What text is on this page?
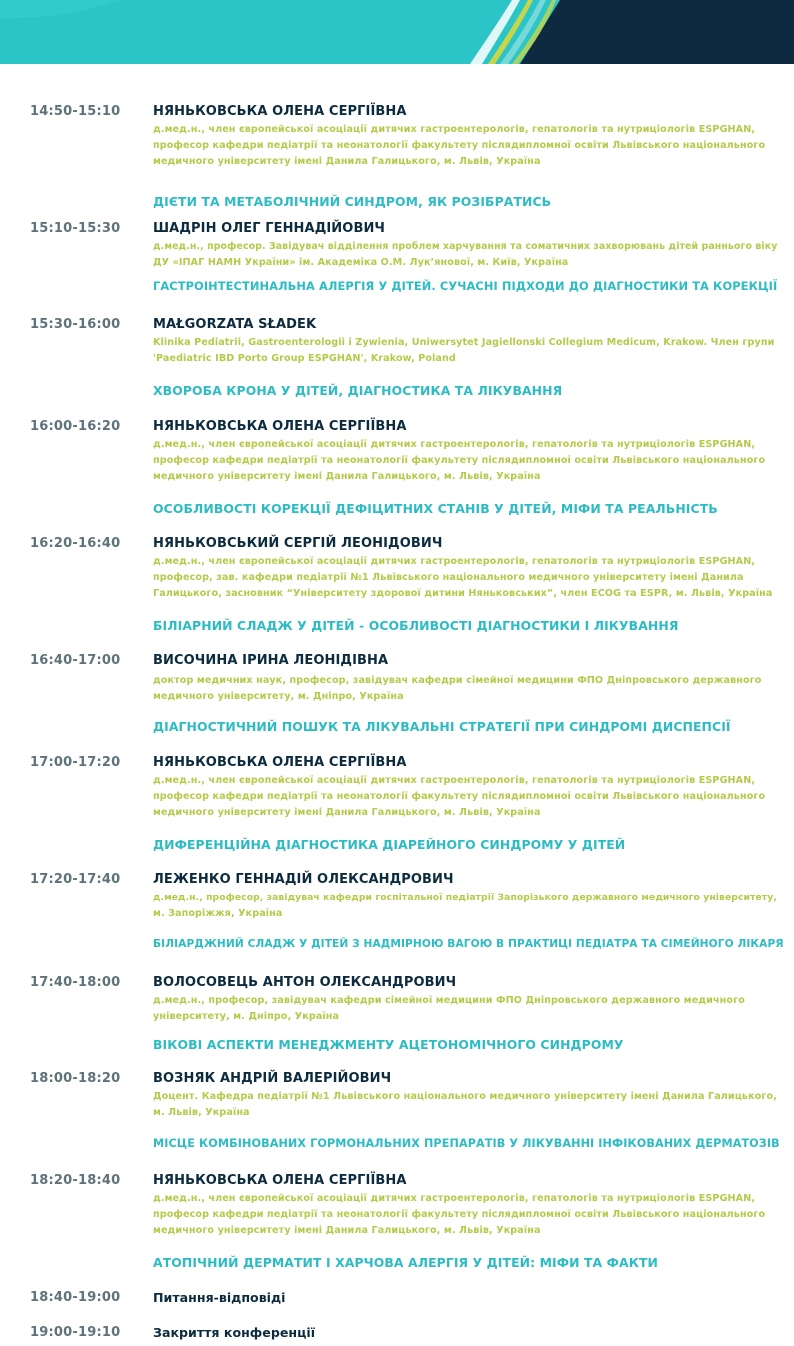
14:50-15:10	НЯНЬКОВСЬКА ОЛЕНА СЕРГІЇВНА
д.мед.н., член європейської асоціації дитячих гастроентерологів, гепатологів та нутриціологів ESPGHAN,
професор кафедри педіатрії та неонатології факультету післядипломної освіти Львівського національного
медичного університету імені Данила Галицького, м. Львів, Україна
ДІЄТИ ТА МЕТАБОЛІЧНИЙ СИНДРОМ, ЯК РОЗІБРАТИСЬ
15:10-15:30	ШАДРІН ОЛЕГ ГЕННАДІЙОВИЧ
д.мед.н., професор. Завідувач відділення проблем харчування та соматичних захворювань дітей раннього віку
ДУ «ІПАГ НАМН України» ім. Академіка О.М. Лук’янової, м. Київ, Україна
ГАСТРОІНТЕСТИНАЛЬНА АЛЕРГІЯ У ДІТЕЙ. СУЧАСНІ ПІДХОДИ ДО ДІАГНОСТИКИ ТА КОРЕКЦІЇ
15:30-16:00	MAŁGORZATA SŁADEK
Klinika Pediatrii, Gastroenterologii i Zywienia, Uniwersytet Jagiellonski Collegium Medicum, Krakow. Член групи
'Paediatric IBD Porto Group ESPGHAN', Krakow, Poland
ХВОРОБА КРОНА У ДІТЕЙ, ДІАГНОСТИКА ТА ЛІКУВАННЯ
16:00-16:20	НЯНЬКОВСЬКА ОЛЕНА СЕРГІЇВНА
д.мед.н., член європейської асоціації дитячих гастроентерологів, гепатологів та нутриціологів ESPGHAN,
професор кафедри педіатрії та неонатології факультету післядипломної освіти Львівського національного
медичного університету імені Данила Галицького, м. Львів, Україна
ОСОБЛИВОСТІ КОРЕКЦІЇ ДЕФІЦИТНИХ СТАНІВ У ДІТЕЙ, МІФИ ТА РЕАЛЬНІСТЬ
16:20-16:40	НЯНЬКОВСЬКИЙ СЕРГІЙ ЛЕОНІДОВИЧ
д.мед.н., член європейської асоціації дитячих гастроентерологів, гепатологів та нутриціологів ESPGHAN,
професор, зав. кафедри педіатрії №1 Львівського національного медичного університету імені Данила
Галицького, засновник “Університету здорової дитини Няньковських”, член ECOG та ESPR, м. Львів, Україна
БІЛІАРНИЙ СЛАДЖ У ДІТЕЙ - ОСОБЛИВОСТІ ДІАГНОСТИКИ І ЛІКУВАННЯ
16:40-17:00	ВИСОЧИНА ІРИНА ЛЕОНІДІВНА
доктор медичних наук, професор, завідувач кафедри сімейної медицини ФПО Дніпровського державного
медичного університету, м. Дніпро, Україна
ДІАГНОСТИЧНИЙ ПОШУК ТА ЛІКУВАЛЬНІ СТРАТЕГІЇ ПРИ СИНДРОМІ ДИСПЕПСІЇ
17:00-17:20	НЯНЬКОВСЬКА ОЛЕНА СЕРГІЇВНА
д.мед.н., член європейської асоціації дитячих гастроентерологів, гепатологів та нутриціологів ESPGHAN,
професор кафедри педіатрії та неонатології факультету післядипломної освіти Львівського національного
медичного університету імені Данила Галицького, м. Львів, Україна
ДИФЕРЕНЦІЙНА ДІАГНОСТИКА ДІАРЕЙНОГО СИНДРОМУ У ДІТЕЙ
17:20-17:40	ЛЕЖЕНКО ГЕННАДІЙ ОЛЕКСАНДРОВИЧ
д.мед.н., професор, завідувач кафедри госпітальної педіатрії Запорізького державного медичного університету,
м. Запоріжжя, Україна
БІЛІАРДЖНИЙ СЛАДЖ У ДІТЕЙ З НАДМІРНОЮ ВАГОЮ В ПРАКТИЦІ ПЕДІАТРА ТА СІМЕЙНОГО ЛІКАРЯ
17:40-18:00	ВОЛОСОВЕЦЬ АНТОН ОЛЕКСАНДРОВИЧ
д.мед.н., професор, завідувач кафедри сімейної медицини ФПО Дніпровського державного медичного
університету, м. Дніпро, Україна
ВІКОВІ АСПЕКТИ МЕНЕДЖМЕНТУ АЦЕТОНОМІЧНОГО СИНДРОМУ
18:00-18:20	ВОЗНЯК АНДРІЙ ВАЛЕРІЙОВИЧ
Доцент. Кафедра педіатрії №1 Львівського національного медичного університету імені Данила Галицького,
м. Львів, Україна
МІСЦЕ КОМБІНОВАНИХ ГОРМОНАЛЬНИХ ПРЕПАРАТІВ У ЛІКУВАННІ ІНФІКОВАНИХ ДЕРМАТОЗІВ
18:20-18:40	НЯНЬКОВСЬКА ОЛЕНА СЕРГІЇВНА
д.мед.н., член європейської асоціації дитячих гастроентерологів, гепатологів та нутриціологів ESPGHAN,
професор кафедри педіатрії та неонатології факультету післядипломної освіти Львівського національного
медичного університету імені Данила Галицького, м. Львів, Україна
АТОПІЧНИЙ ДЕРМАТИТ І ХАРЧОВА АЛЕРГІЯ У ДІТЕЙ: МІФИ ТА ФАКТИ
18:40-19:00	Питання-відповіді
19:00-19:10	Закриття конференції
